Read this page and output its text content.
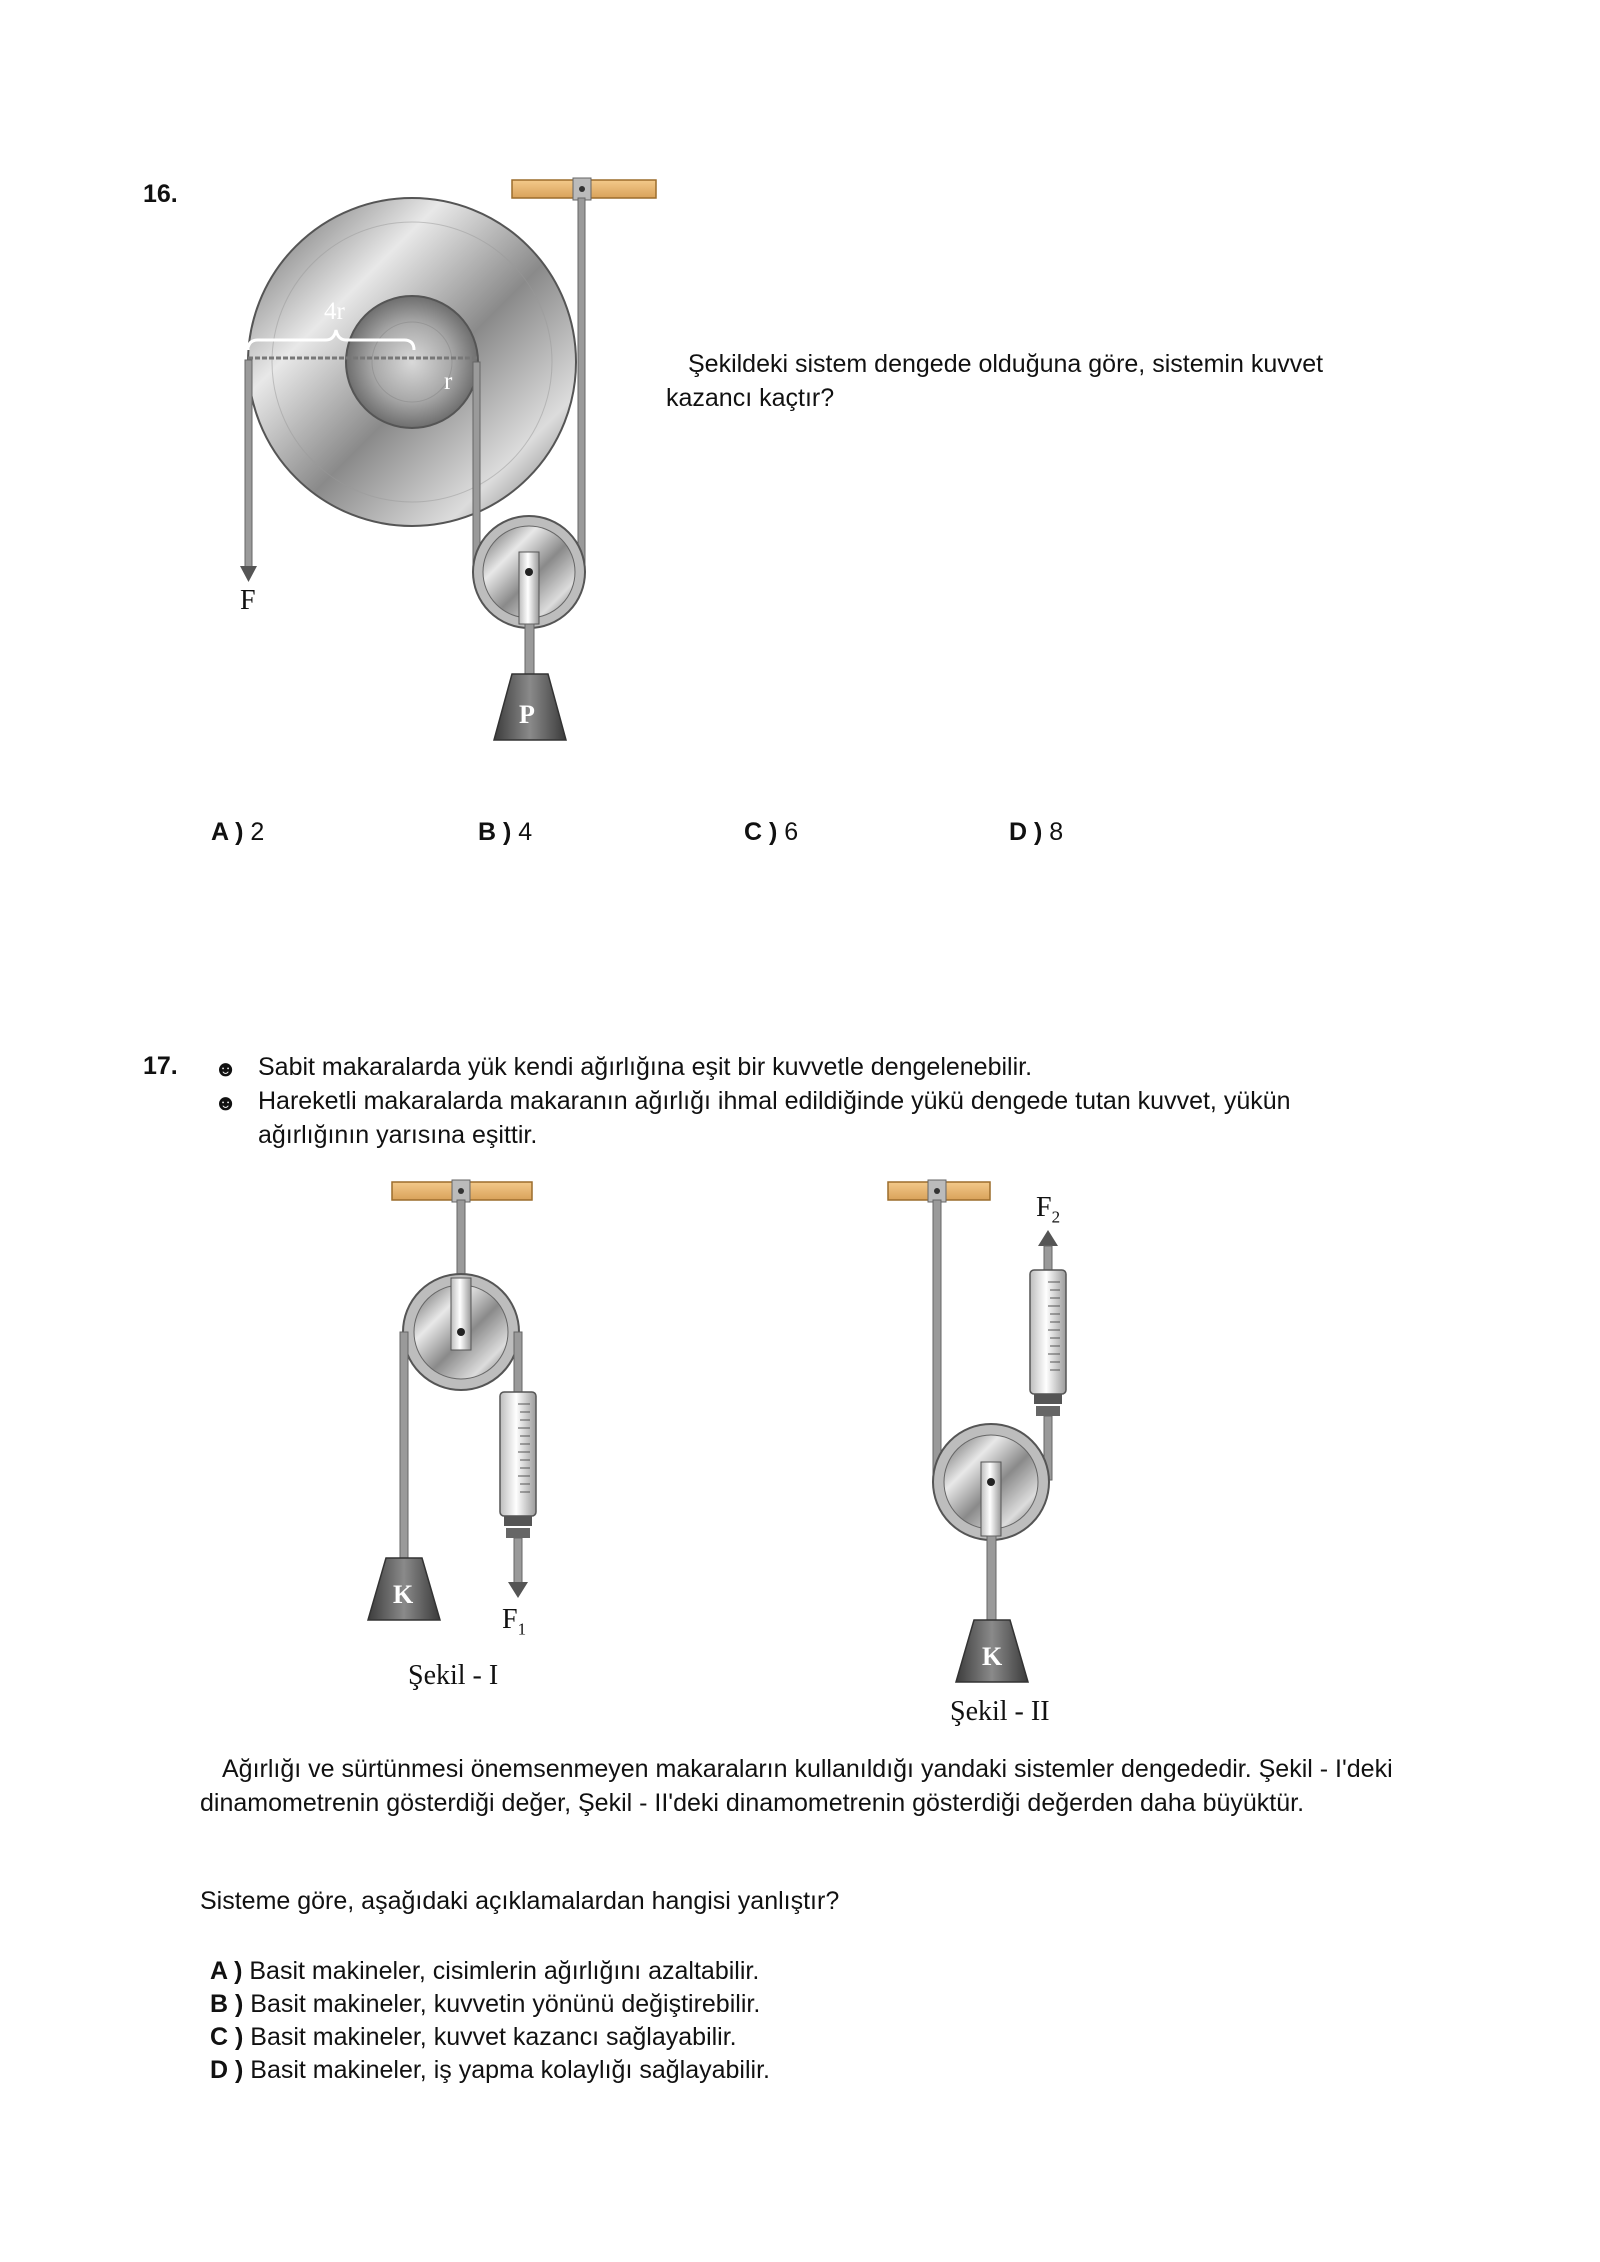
16.
4r
r
F
P
Şekildeki sistem dengede olduğuna göre, sistemin kuvvet kazancı kaçtır?
A ) 2	B ) 4	C ) 6	D ) 8
17. ☻ Sabit makaralarda yük kendi ağırlığına eşit bir kuvvetle dengelenebilir.
☻ Hareketli makaralarda makaranın ağırlığı ihmal edildiğinde yükü dengede tutan kuvvet, yükün ağırlığının yarısına eşittir.
K
$F_1$
Şekil - I
K
$F_2$
Şekil - II
Ağırlığı ve sürtünmesi önemsenmeyen makaraların kullanıldığı yandaki sistemler dengededir. Şekil - I'deki dinamometrenin gösterdiği değer, Şekil - II'deki dinamometrenin gösterdiği değerden daha büyüktür.
Sisteme göre, aşağıdaki açıklamalardan hangisi yanlıştır?
A ) Basit makineler, cisimlerin ağırlığını azaltabilir.
B ) Basit makineler, kuvvetin yönünü değiştirebilir.
C ) Basit makineler, kuvvet kazancı sağlayabilir.
D ) Basit makineler, iş yapma kolaylığı sağlayabilir.
